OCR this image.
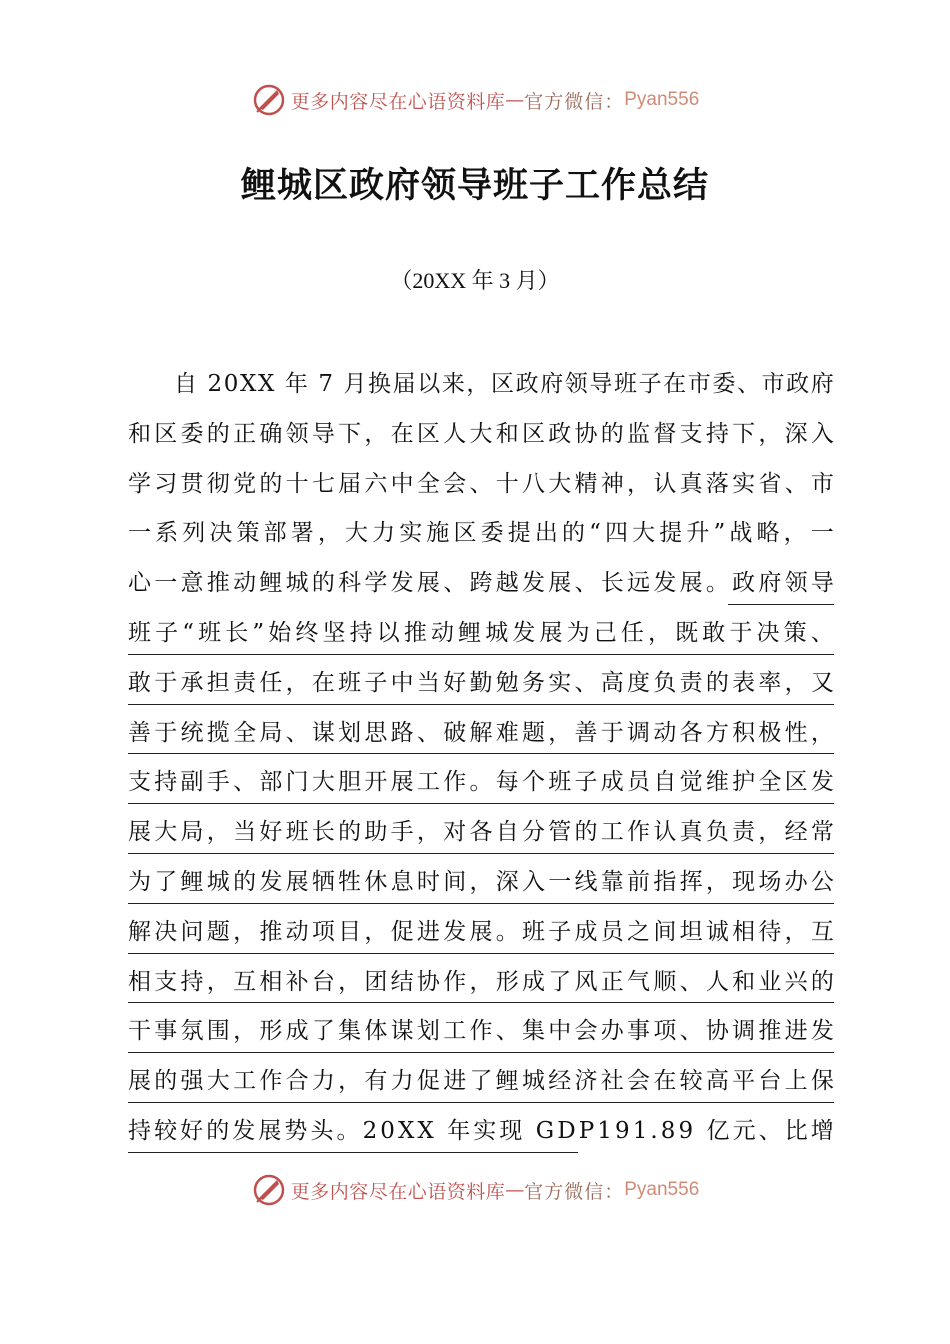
更多内容尽在心语资料库 — 官方微信： Pyan556
鲤城区政府领导班子工作总结
（20XX 年 3 月）
自
2 0 X X
年
7
月 换 届 以 来 ， 区 政 府 领 导 班 子 在 市 委 、 市 政 府
和 区 委 的 正 确 领 导 下 ， 在 区 人 大 和 区 政 协 的 监 督 支 持 下 ， 深 入
学 习 贯 彻 党 的 十 七 届 六 中 全 会 、 十 八 大 精 神 ， 认 真 落 实 省 、 市
一 系 列 决 策 部 署 ， 大 力 实 施 区 委 提 出 的 “ 四 大 提 升 ” 战 略 ， 一
心 一 意 推 动 鲤 城 的 科 学 发 展 、 跨 越 发 展 、 长 远 发 展 。 政 府 领 导
班 子 “ 班 长 ” 始 终 坚 持 以 推 动 鲤 城 发 展 为 己 任 ， 既 敢 于 决 策 、
敢 于 承 担 责 任 ， 在 班 子 中 当 好 勤 勉 务 实 、 高 度 负 责 的 表 率 ， 又
善 于 统 揽 全 局 、 谋 划 思 路 、 破 解 难 题 ， 善 于 调 动 各 方 积 极 性 ，
支 持 副 手 、 部 门 大 胆 开 展 工 作 。 每 个 班 子 成 员 自 觉 维 护 全 区 发
展 大 局 ， 当 好 班 长 的 助 手 ， 对 各 自 分 管 的 工 作 认 真 负 责 ， 经 常
为 了 鲤 城 的 发 展 牺 牲 休 息 时 间 ， 深 入 一 线 靠 前 指 挥 ， 现 场 办 公
解 决 问 题 ， 推 动 项 目 ， 促 进 发 展 。 班 子 成 员 之 间 坦 诚 相 待 ， 互
相 支 持 ， 互 相 补 台 ， 团 结 协 作 ， 形 成 了 风 正 气 顺 、 人 和 业 兴 的
干 事 氛 围 ， 形 成 了 集 体 谋 划 工 作 、 集 中 会 办 事 项 、 协 调 推 进 发
展 的 强 大 工 作 合 力 ， 有 力 促 进 了 鲤 城 经 济 社 会 在 较 高 平 台 上 保
持 较 好 的 发 展 势 头 。 2 0 X X
年 实 现
G D P 1 9 1 . 8 9
亿 元 、 比 增
更多内容尽在心语资料库 — 官方微信： Pyan556
